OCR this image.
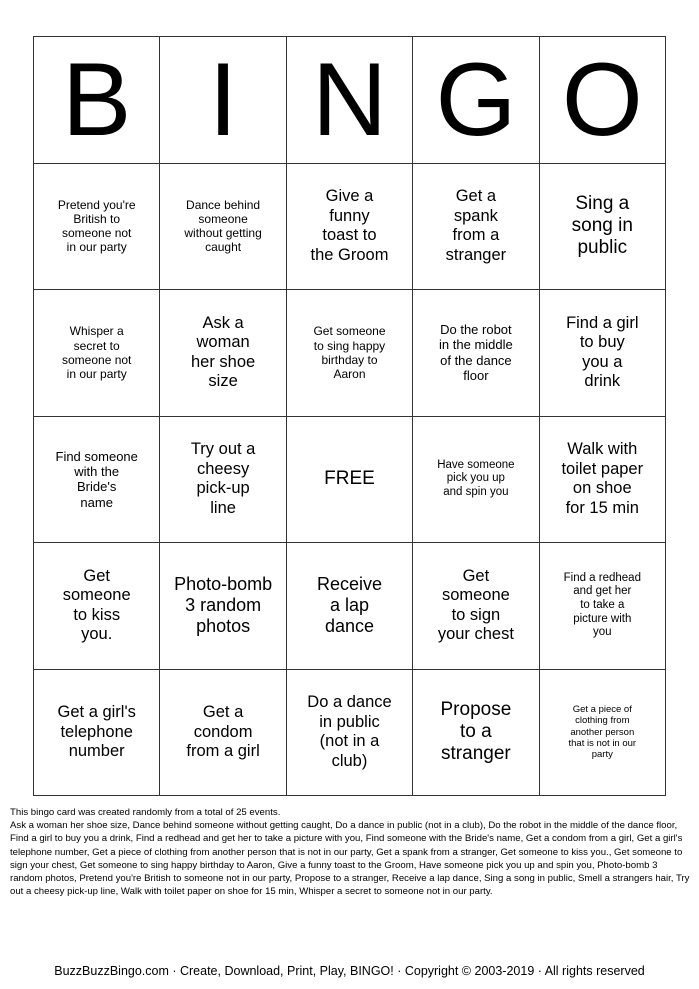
B I N G O
Pretend you're
British to
someone not
in our party
Dance behind
someone
without getting
caught
Give a
funny
toast to
the Groom
Get a
spank
from a
stranger
Sing a
song in
public
Whisper a
secret to
someone not
in our party
Ask a
woman
her shoe
size
Get someone
to sing happy
birthday to
Aaron
Do the robot
in the middle
of the dance
floor
Find a girl
to buy
you a
drink
Find someone
with the
Bride's
name
Try out a
cheesy
pick-up
line
FREE
Have someone
pick you up
and spin you
Walk with
toilet paper
on shoe
for 15 min
Get
someone
to kiss
you.
Photo-bomb
3 random
photos
Receive
a lap
dance
Get
someone
to sign
your chest
Find a redhead
and get her
to take a
picture with
you
Get a girl's
telephone
number
Get a
condom
from a girl
Do a dance
in public
(not in a
club)
Propose
to a
stranger
Get a piece of
clothing from
another person
that is not in our
party
This bingo card was created randomly from a total of 25 events.
Ask a woman her shoe size, Dance behind someone without getting caught, Do a dance in public (not in a club), Do the robot in the middle of the dance floor, Find a girl to buy you a drink, Find a redhead and get her to take a picture with you, Find someone with the Bride's name, Get a condom from a girl, Get a girl's telephone number, Get a piece of clothing from another person that is not in our party, Get a spank from a stranger, Get someone to kiss you., Get someone to sign your chest, Get someone to sing happy birthday to Aaron, Give a funny toast to the Groom, Have someone pick you up and spin you, Photo-bomb 3 random photos, Pretend you're British to someone not in our party, Propose to a stranger, Receive a lap dance, Sing a song in public, Smell a strangers hair, Try out a cheesy pick-up line, Walk with toilet paper on shoe for 15 min, Whisper a secret to someone not in our party.
BuzzBuzzBingo.com · Create, Download, Print, Play, BINGO! · Copyright © 2003-2019 · All rights reserved
